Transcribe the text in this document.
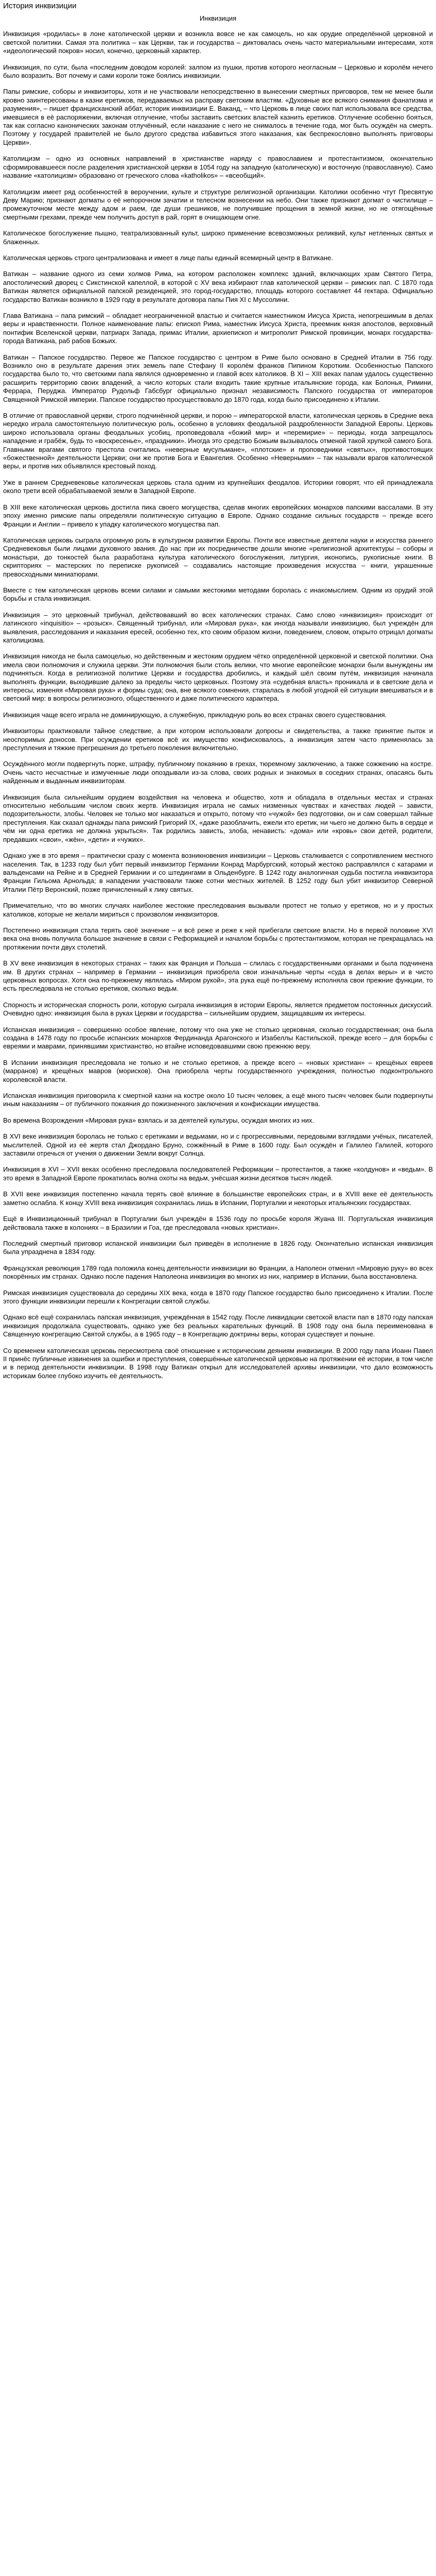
История инквизиции
Инквизиция

Инквизиция «родилась» в лоне католической церкви и возникла вовсе не как самоцель, но как орудие определённой церковной и светской политики. Самая эта политика – как Церкви, так и государства – диктовалась очень часто материальными интересами, хотя «идеологический покров» носил, конечно, церковный характер.

Инквизиция, по сути, была «последним доводом королей: залпом из пушки, против которого неогласным – Церковью и королём нечего было возразить. Вот почему и сами короли тоже боялись инквизиции.

Папы римские, соборы и инквизиторы, хотя и не участвовали непосредственно в вынесении смертных приговоров, тем не менее были кровно заинтересованы в казни еретиков, передаваемых на расправу светским властям. «Духовные все всякого снимания фанатизма и разумения», – пишет францисканский аббат, историк инквизиции Е. Ваканд, – что Церковь в лице своих пап использовала все средства, имевшиеся в её распоряжении, включая отлучение, чтобы заставить светских властей казнить еретиков. Отлучение особенно бояться, так как согласно канонических законам отлучённый, если наказание с него не снималось в течение года, мог быть осуждён на смерть. Поэтому у государей правителей не было другого средства избавиться этого наказания, как беспрекословно выполнять приговоры Церкви».

Католицизм – одно из основных направлений в христианстве наряду с православием и протестантизмом, окончательно сформировавшееся после разделения христианской церкви в 1054 году на западную (католическую) и восточную (православную). Само название «католицизм» образовано от греческого слова «katholikos» – «всеобщий».

Католицизм имеет ряд особенностей в вероучении, культе и структуре религиозной организации. Католики особенно чтут Пресвятую Деву Марию; признают догматы о её непорочном зачатии и телесном вознесении на небо. Они также признают догмат о чистилище – промежуточном месте между адом и раем, где души грешников, не получившие прощения в земной жизни, но не отягощённые смертными грехами, прежде чем получить доступ в рай, горят в очищающем огне.

Католическое богослужение пышно, театрализованный культ, широко применение всевозможных реликвий, культ нетленных святых и блаженных.

Католическая церковь строго централизована и имеет в лице папы единый всемирный центр в Ватикане.

Ватикан – название одного из семи холмов Рима, на котором расположен комплекс зданий, включающих храм Святого Петра, апостолический дворец с Сикстинской капеллой, в которой с XV века избирают глав католической церкви – римских пап. С 1870 года Ватикан является официальной папской резиденцией, это город-государство, площадь которого составляет 44 гектара. Официально государство Ватикан возникло в 1929 году в результате договора папы Пия XI с Муссолини.

Глава Ватикана – папа римский – обладает неограниченной властью и считается наместником Иисуса Христа, непогрешимым в делах веры и нравственности. Полное наименование папы: епископ Рима, наместник Иисуса Христа, преемник князя апостолов, верховный понтифик Вселенской церкви, патриарх Запада, примас Италии, архиепископ и митрополит Римской провинции, монарх государства-города Ватикана, раб рабов Божьих.

Ватикан – Папское государство. Первое же Папское государство с центром в Риме было основано в Средней Италии в 756 году. Возникло оно в результате дарения этих земель папе Стефану II королём франков Пипином Коротким. Особенностью Папского государства было то, что светскими папа являлся одновременно и главой всех католиков. В XI – XIII веках папам удалось существенно расширить территорию своих владений, а число которых стали входить такие крупные итальянские города, как Болонья, Римини, Феррара, Перуджа. Император Рудольф Габсбург официально признал независимость Папского государства от императоров Священной Римской империи. Папское государство просуществовало до 1870 года, когда было присоединено к Италии.

В отличие от православной церкви, строго подчинённой церкви, и порою – императорской власти, католическая церковь в Средние века нередко играла самостоятельную политическую роль, особенно в условиях феодальной раздробленности Западной Европы. Церковь широко использовала органы феодальных усобиц, проповедовала «божий мир» и «перемирие» – периоды, когда запрещалось нападение и грабёж, будь то «воскресенье», «праздники». Иногда это средство Божьим вызывалось отменой такой хрупкой самого Бога. Главными врагами святого престола считались «неверные мусульмане», «плотские» и проповедники «святых», противостоящих «божественной» деятельности Церкви; они же против Бога и Евангелия. Особенно «Неверными» – так называли врагов католической веры, и против них объявлялся крестовый поход.

Уже в раннем Средневековье католическая церковь стала одним из крупнейших феодалов. Историки говорят, что ей принадлежала около трети всей обрабатываемой земли в Западной Европе.

В XIII веке католическая церковь достигла пика своего могущества, сделав многих европейских монархов папскими вассалами. В эту эпоху именно римские папы определяли политическую ситуацию в Европе. Однако создание сильных государств – прежде всего Франции и Англии – привело к упадку католического могущества пап.

Католическая церковь сыграла огромную роль в культурном развитии Европы. Почти все известные деятели науки и искусства раннего Средневековья были лицами духовного звания. До нас при их посредничестве дошли многие «религиозной архитектуры – соборы и монастыри, до тонкостей была разработана культура католического богослужения, литургия, иконопись, рукописные книги. В скрипториях – мастерских по переписке рукописей – создавались настоящие произведения искусства – книги, украшенные превосходными миниатюрами.

Вместе с тем католическая церковь всеми силами и самыми жестокими методами боролась с инакомыслием. Одним из орудий этой борьбы и стала инквизиция.

Инквизиция – это церковный трибунал, действовавший во всех католических странах. Само слово «инквизиция» происходит от латинского «inquisitio» – «розыск». Священный трибунал, или «Мировая рука», как иногда называли инквизицию, был учреждён для выявления, расследования и наказания ересей, особенно тех, кто своим образом жизни, поведением, словом, открыто отрицал догматы католицизма.

Инквизиция никогда не была самоцелью, но действенным и жестоким орудием чётко определённой церковной и светской политики. Она имела свои полномочия и служила церкви. Эти полномочия были столь велики, что многие европейские монархи были вынуждены им подчиняться. Когда в религиозной политике Церкви и государства дробились, и каждый шёл своим путём, инквизиция начинала выполнять функции, выходившие далеко за пределы чисто церковных. Поэтому эта «судебная власть» проникала и в светские дела и интересы, изменяя «Мировая рука» и формы суда; она, вне всякого сомнения, старалась в любой угодной ей ситуации вмешиваться и в светский мир: в вопросы религиозного, общественного и даже политического характера.

Инквизиция чаще всего играла не доминирующую, а служебную, прикладную роль во всех странах своего существования.

Инквизиторы практиковали тайное следствие, а при котором использовали допросы и свидетельства, а также принятие пыток и неоспоримых доносов. При осуждении еретиков всё их имущество конфисковалось, а инквизиция затем часто применялась за преступления и тяжкие прегрешения до третьего поколения включительно.

Осуждённого могли подвергнуть порке, штрафу, публичному покаянию в грехах, тюремному заключению, а также сожжению на костре. Очень часто несчастные и измученные люди опоздывали из-за слова, своих родных и знакомых в соседних странах, опасаясь быть найденным и выданным инквизиторам.

Инквизиция была сильнейшим орудием воздействия на человека и общество, хотя и обладала в отдельных местах и странах относительно небольшим числом своих жертв. Инквизиция играла не самых низменных чувствах и качествах людей – зависти, подозрительности, злобы. Человек не только мог наказаться и открыто, потому что «чужой» без подготовки, он и сам совершал тайные преступления. Как сказал однажды папа римский Григорий IX, «даже разоблачить, ежели кто еретик, ни чьего не должно быть в сердце и чём ни одна еретика не должна укрыться». Так родились зависть, злоба, ненависть: «дома» или «кровь» свои детей, родители, предавших «свои», «жён», «дети» и «чужих».

Однако уже в это время – практически сразу с момента возникновения инквизиции – Церковь сталкивается с сопротивлением местного населения. Так, в 1233 году был убит первый инквизитор Германии Конрад Марбургский, который жестоко расправлялся с катарами и вальденсами на Рейне и в Средней Германии и со штедингами в Ольденбурге. В 1242 году аналогичная судьба постигла инквизитора Франции Гильома Арнольда; в нападении участвовали также сотни местных жителей. В 1252 году был убит инквизитор Северной Италии Пётр Веронский, позже причисленный к лику святых.

Примечательно, что во многих случаях наиболее жестокие преследования вызывали протест не только у еретиков, но и у простых католиков, которые не желали мириться с произволом инквизиторов.

Постепенно инквизиция стала терять своё значение – и всё реже и реже к ней прибегали светские власти. Но в первой половине XVI века она вновь получила большое значение в связи с Реформацией и началом борьбы с протестантизмом, которая не прекращалась на протяжении почти двух столетий.

В XV веке инквизиция в некоторых странах – таких как Франция и Польша – слилась с государственными органами и была подчинена им. В других странах – например в Германии – инквизиция приобрела свои изначальные черты «суда в делах веры» и в чисто церковных вопросах. Хотя она по-прежнему являлась «Миром рукой», эта рука ещё по-прежнему исполняла свои прежние функции, то есть преследовала не столько еретиков, сколько ведьм.

Спорность и историческая спорность роли, которую сыграла инквизиция в истории Европы, является предметом постоянных дискуссий. Очевидно одно: инквизиция была в руках Церкви и государства – сильнейшим орудием, защищавшим их интересы.

Испанская инквизиция – совершенно особое явление, потому что она уже не столько церковная, сколько государственная; она была создана в 1478 году по просьбе испанских монархов Фердинанда Арагонского и Изабеллы Кастильской, прежде всего – для борьбы с евреями и маврами, принявшими христианство, но втайне исповедовавшими свою прежнюю веру.

В Испании инквизиция преследовала не только и не столько еретиков, а прежде всего – «новых христиан» – крещёных евреев (марранов) и крещёных мавров (морисков). Она приобрела черты государственного учреждения, полностью подконтрольного королевской власти.

Испанская инквизиция приговорила к смертной казни на костре около 10 тысяч человек, а ещё много тысяч человек были подвергнуты иным наказаниям – от публичного покаяния до пожизненного заключения и конфискации имущества.

Во времена Возрождения «Мировая рука» взялась и за деятелей культуры, осуждая многих из них.

В XVI веке инквизиция боролась не только с еретиками и ведьмами, но и с прогрессивными, передовыми взглядами учёных, писателей, мыслителей. Одной из её жертв стал Джордано Бруно, сожжённый в Риме в 1600 году. Был осуждён и Галилео Галилей, которого заставили отречься от учения о движении Земли вокруг Солнца.

Инквизиция в XVI – XVII веках особенно преследовала последователей Реформации – протестантов, а также «колдунов» и «ведьм». В это время в Западной Европе прокатилась волна охоты на ведьм, унёсшая жизни десятков тысяч людей.

В XVII веке инквизиция постепенно начала терять своё влияние в большинстве европейских стран, и в XVIII веке её деятельность заметно ослабла. К концу XVIII века инквизиция сохранилась лишь в Испании, Португалии и некоторых итальянских государствах.

Ещё в Инквизиционный трибунал в Португалии был учреждён в 1536 году по просьбе короля Жуана III. Португальская инквизиция действовала также в колониях – в Бразилии и Гоа, где преследовала «новых христиан».

Последний смертный приговор испанской инквизиции был приведён в исполнение в 1826 году. Окончательно испанская инквизиция была упразднена в 1834 году.

Французская революция 1789 года положила конец деятельности инквизиции во Франции, а Наполеон отменил «Мировую руку» во всех покорённых им странах. Однако после падения Наполеона инквизиция во многих из них, например в Испании, была восстановлена.

Римская инквизиция существовала до середины XIX века, когда в 1870 году Папское государство было присоединено к Италии. После этого функции инквизиции перешли к Конгрегации святой службы.

Однако всё ещё сохранилась папская инквизиция, учреждённая в 1542 году. После ликвидации светской власти пап в 1870 году папская инквизиция продолжала существовать, однако уже без реальных карательных функций. В 1908 году она была переименована в Священную конгрегацию Святой службы, а в 1965 году – в Конгрегацию доктрины веры, которая существует и поныне.

Со временем католическая церковь пересмотрела своё отношение к историческим деяниям инквизиции. В 2000 году папа Иоанн Павел II принёс публичные извинения за ошибки и преступления, совершённые католической церковью на протяжении её истории, в том числе и в период деятельности инквизиции. В 1998 году Ватикан открыл для исследователей архивы инквизиции, что дало возможность историкам более глубоко изучить её деятельность.
